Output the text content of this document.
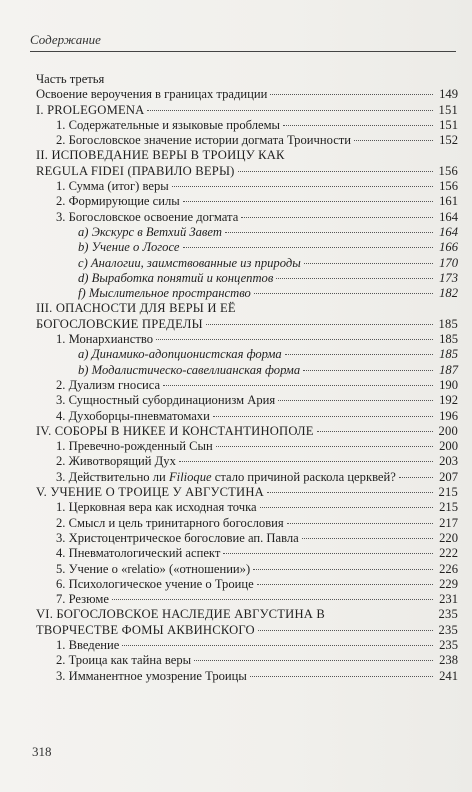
Содержание
Часть третья
Освоение вероучения в границах традиции	149
I. PROLEGOMENA	151
1. Содержательные и языковые проблемы	151
2. Богословское значение истории догмата Троичности	152
II. ИСПОВЕДАНИЕ ВЕРЫ В ТРОИЦУ КАК
REGULA FIDEI (ПРАВИЛО ВЕРЫ)	156
1. Сумма (итог) веры	156
2. Формирующие силы	161
3. Богословское освоение догмата	164
a) Экскурс в Ветхий Завет	164
b) Учение о Логосе	166
c) Аналогии, заимствованные из природы	170
d) Выработка понятий и концептов	173
f) Мыслительное пространство	182
III. ОПАСНОСТИ ДЛЯ ВЕРЫ И ЕЁ
БОГОСЛОВСКИЕ ПРЕДЕЛЫ	185
1. Монархианство	185
a) Динамико-адопционистская форма	185
b) Модалистическо-савеллианская форма	187
2. Дуализм гносиса	190
3. Сущностный субординационизм Ария	192
4. Духоборцы-пневматомахи	196
IV. СОБОРЫ В НИКЕЕ И КОНСТАНТИНОПОЛЕ	200
1. Превечно-рожденный Сын	200
2. Животворящий Дух	203
3. Действительно ли Filioque стало причиной раскола церквей?	207
V. УЧЕНИЕ О ТРОИЦЕ У АВГУСТИНА	215
1. Церковная вера как исходная точка	215
2. Смысл и цель тринитарного богословия	217
3. Христоцентрическое богословие ап. Павла	220
4. Пневматологический аспект	222
5. Учение о «relatio» («отношении»)	226
6. Психологическое учение о Троице	229
7. Резюме	231
VI. БОГОСЛОВСКОЕ НАСЛЕДИЕ АВГУСТИНА В	235
ТВОРЧЕСТВЕ ФОМЫ АКВИНСКОГО	235
1. Введение	235
2. Троица как тайна веры	238
3. Имманентное умозрение Троицы	241
318
